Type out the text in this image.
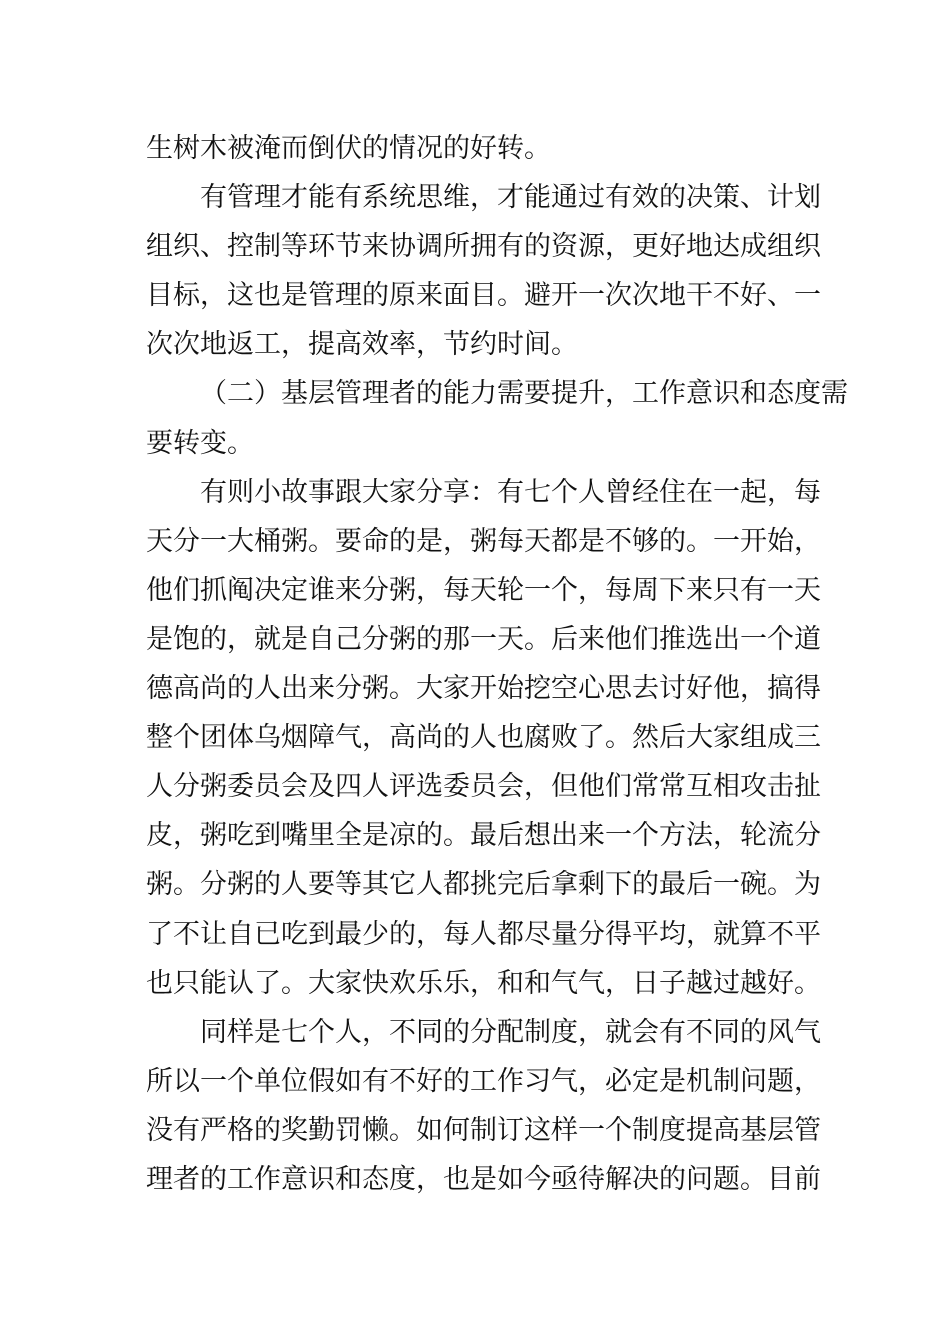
生树木被淹而倒伏的情况的好转。
有管理才能有系统思维，才能通过有效的决策、计划
组织、控制等环节来协调所拥有的资源，更好地达成组织
目标，这也是管理的原来面目。避开一次次地干不好、一
次次地返工，提高效率，节约时间。
（二）基层管理者的能力需要提升，工作意识和态度需
要转变。
有则小故事跟大家分享：有七个人曾经住在一起，每
天分一大桶粥。要命的是，粥每天都是不够的。一开始，
他们抓阄决定谁来分粥，每天轮一个，每周下来只有一天
是饱的，就是自己分粥的那一天。后来他们推选出一个道
德高尚的人出来分粥。大家开始挖空心思去讨好他，搞得
整个团体乌烟障气，高尚的人也腐败了。然后大家组成三
人分粥委员会及四人评选委员会，但他们常常互相攻击扯
皮，粥吃到嘴里全是凉的。最后想出来一个方法，轮流分
粥。分粥的人要等其它人都挑完后拿剩下的最后一碗。为
了不让自已吃到最少的，每人都尽量分得平均，就算不平
也只能认了。大家快欢乐乐，和和气气，日子越过越好。
同样是七个人，不同的分配制度，就会有不同的风气
所以一个单位假如有不好的工作习气，必定是机制问题，
没有严格的奖勤罚懒。如何制订这样一个制度提高基层管
理者的工作意识和态度，也是如今亟待解决的问题。目前
